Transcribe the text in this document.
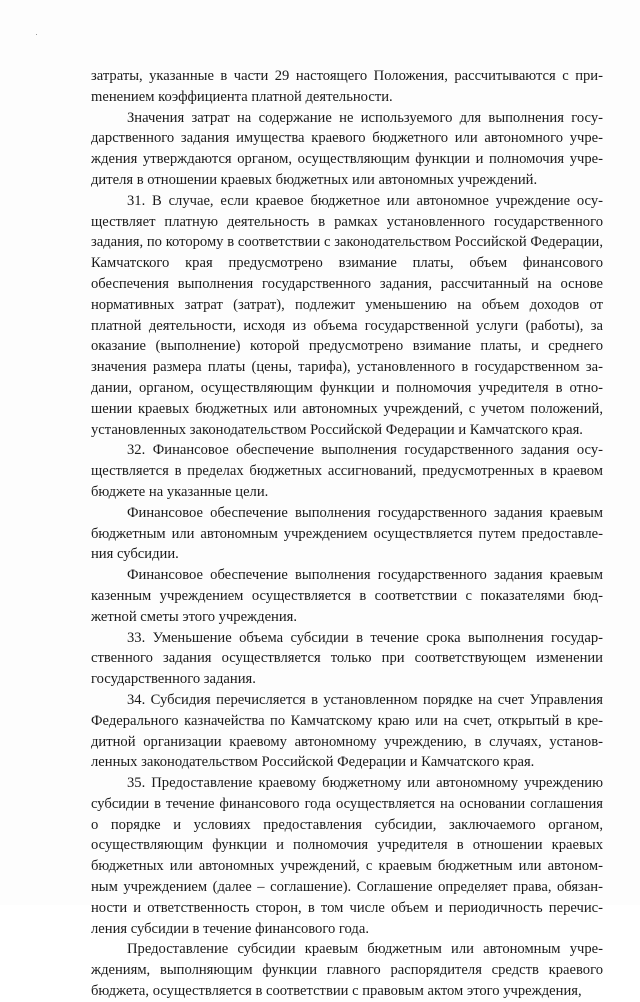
затраты, указанные в части 29 настоящего Положения, рассчитываются с приmенением коэффициента платной деятельности.

Значения затрат на содержание не используемого для выполнения государственного задания имущества краевого бюджетного или автономного учреждения утверждаются органом, осуществляющим функции и полномочия учредителя в отношении краевых бюджетных или автономных учреждений.

31. В случае, если краевое бюджетное или автономное учреждение осуществляет платную деятельность в рамках установленного государственного задания, по которому в соответствии с законодательством Российской Федерации, Камчатского края предусмотрено взимание платы, объем финансового обеспечения выполнения государственного задания, рассчитанный на основе нормативных затрат (затрат), подлежит уменьшению на объем доходов от платной деятельности, исходя из объема государственной услуги (работы), за оказание (выполнение) которой предусмотрено взимание платы, и среднего значения размера платы (цены, тарифа), установленного в государственном задании, органом, осуществляющим функции и полномочия учредителя в отношении краевых бюджетных или автономных учреждений, с учетом положений, установленных законодательством Российской Федерации и Камчатского края.

32. Финансовое обеспечение выполнения государственного задания осуществляется в пределах бюджетных ассигнований, предусмотренных в краевом бюджете на указанные цели.

Финансовое обеспечение выполнения государственного задания краевым бюджетным или автономным учреждением осуществляется путем предоставления субсидии.

Финансовое обеспечение выполнения государственного задания краевым казенным учреждением осуществляется в соответствии с показателями бюджетной сметы этого учреждения.

33. Уменьшение объема субсидии в течение срока выполнения государственного задания осуществляется только при соответствующем изменении государственного задания.

34. Субсидия перечисляется в установленном порядке на счет Управления Федерального казначейства по Камчатскому краю или на счет, открытый в кредитной организации краевому автономному учреждению, в случаях, установленных законодательством Российской Федерации и Камчатского края.

35. Предоставление краевому бюджетному или автономному учреждению субсидии в течение финансового года осуществляется на основании соглашения о порядке и условиях предоставления субсидии, заключаемого органом, осуществляющим функции и полномочия учредителя в отношении краевых бюджетных или автономных учреждений, с краевым бюджетным или автономным учреждением (далее – соглашение). Соглашение определяет права, обязанности и ответственность сторон, в том числе объем и периодичность перечисления субсидии в течение финансового года.

Предоставление субсидии краевым бюджетным или автономным учреждениям, выполняющим функции главного распорядителя средств краевого бюджета, осуществляется в соответствии с правовым актом этого учреждения,
